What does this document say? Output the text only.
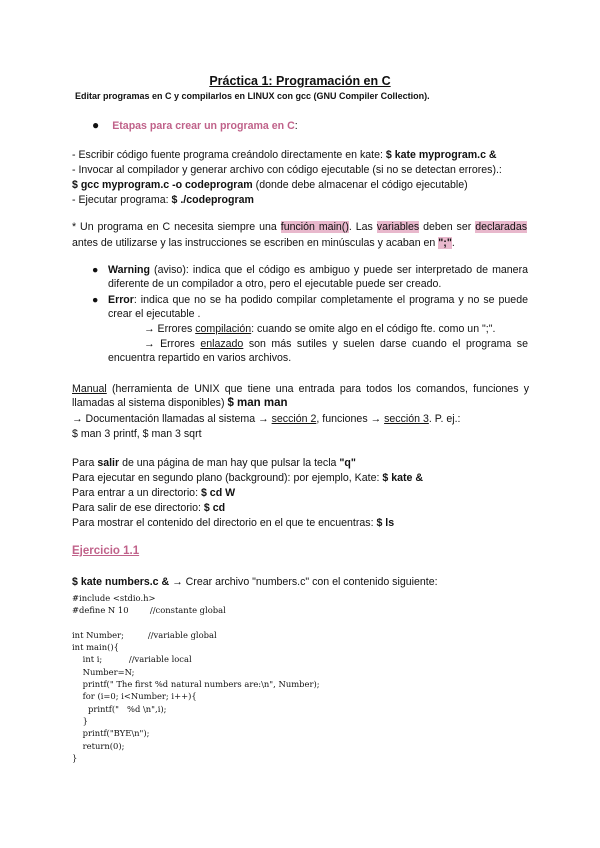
Práctica 1: Programación en C
Editar programas en C y compilarlos en LINUX con gcc (GNU Compiler Collection).
● Etapas para crear un programa en C:
- Escribir código fuente programa creándolo directamente en kate: $ kate myprogram.c &
- Invocar al compilador y generar archivo con código ejecutable (si no se detectan errores).:
$ gcc myprogram.c -o codeprogram (donde debe almacenar el código ejecutable)
- Ejecutar programa: $ ./codeprogram
* Un programa en C necesita siempre una función main(). Las variables deben ser declaradas antes de utilizarse y las instrucciones se escriben en minúsculas y acaban en ";".
● Warning (aviso): indica que el código es ambiguo y puede ser interpretado de manera diferente de un compilador a otro, pero el ejecutable puede ser creado.
● Error: indica que no se ha podido compilar completamente el programa y no se puede crear el ejecutable .
→ Errores compilación: cuando se omite algo en el código fte. como un ";".
→ Errores enlazado son más sutiles y suelen darse cuando el programa se encuentra repartido en varios archivos.
Manual (herramienta de UNIX que tiene una entrada para todos los comandos, funciones y llamadas al sistema disponibles) $ man man
→ Documentación llamadas al sistema → sección 2, funciones → sección 3. P. ej.:
$ man 3 printf, $ man 3 sqrt
Para salir de una página de man hay que pulsar la tecla "q"
Para ejecutar en segundo plano (background): por ejemplo, Kate: $ kate &
Para entrar a un directorio: $ cd W
Para salir de ese directorio: $ cd
Para mostrar el contenido del directorio en el que te encuentras: $ ls
Ejercicio 1.1
$ kate numbers.c & → Crear archivo "numbers.c" con el contenido siguiente:
#include <stdio.h>
#define N 10        //constante global

int Number;         //variable global
int main(){
int i;          //variable local
Number=N;
printf(" The first %d natural numbers are:\n", Number);
for (i=0; i<Number; i++){
printf("   %d \n",i);
}
printf("BYE\n");
return(0);
}
